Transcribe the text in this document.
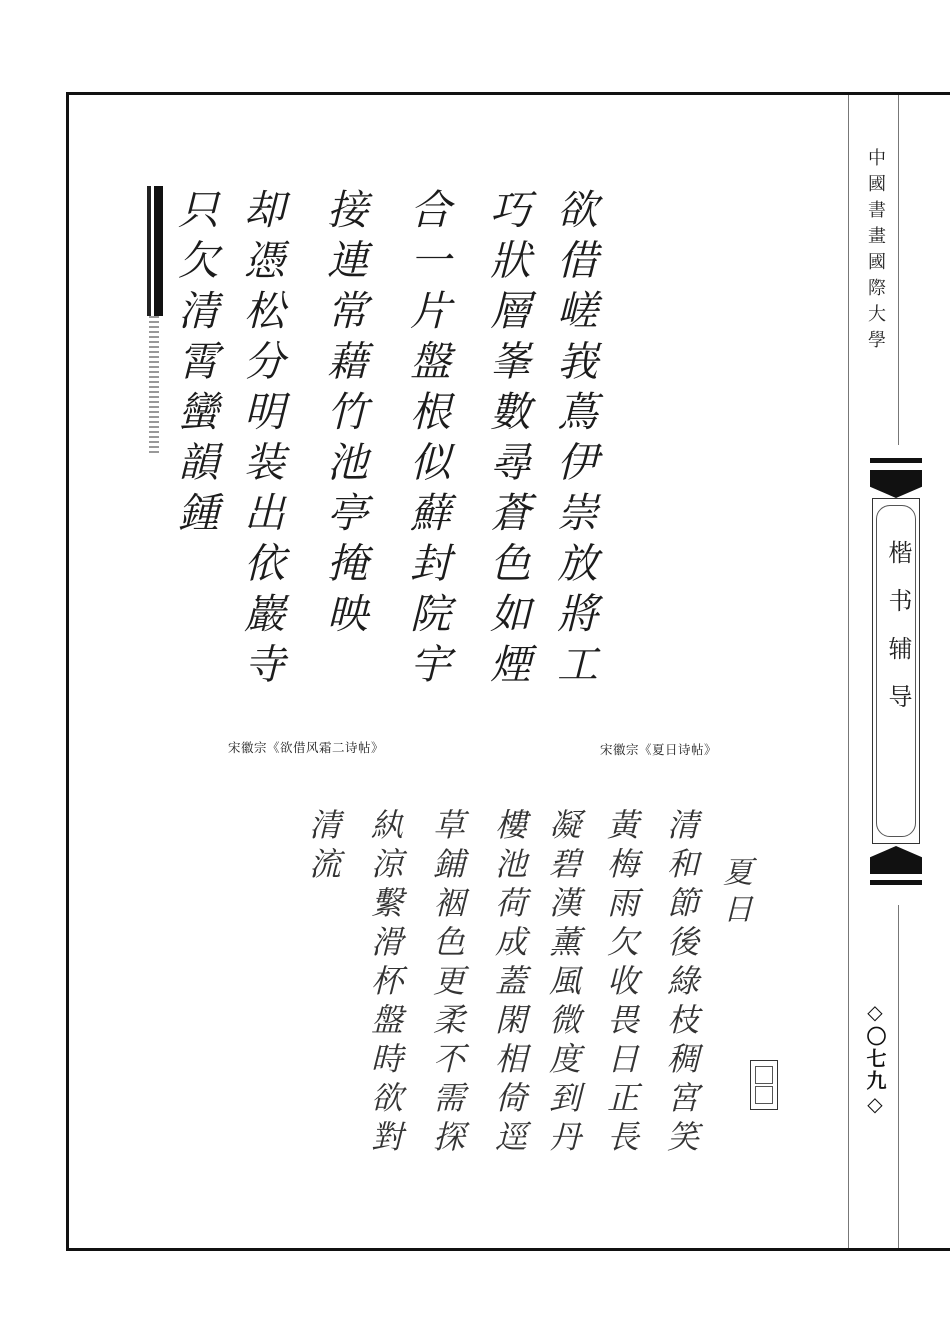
中國書畫國際大學
楷书辅导
◇〇七九◇
欲借嵯峩蔦伊崇放將工
巧狀層峯數尋蒼色如煙
合一片盤根似蘚封院宇
接連常藉竹池亭掩映
却憑松分明装出依巖寺
只欠清霄蠻韻鍾
宋徽宗《欲借风霜二诗帖》	宋徽宗《夏日诗帖》
夏日
清和節後綠枝稠宮笑
黃梅雨欠收畏日正長
凝碧漢薰風微度到丹
樓池荷成蓋閑相倚逕
草鋪裀色更柔不需探
紈涼繫滑杯盤時欲對
清流
